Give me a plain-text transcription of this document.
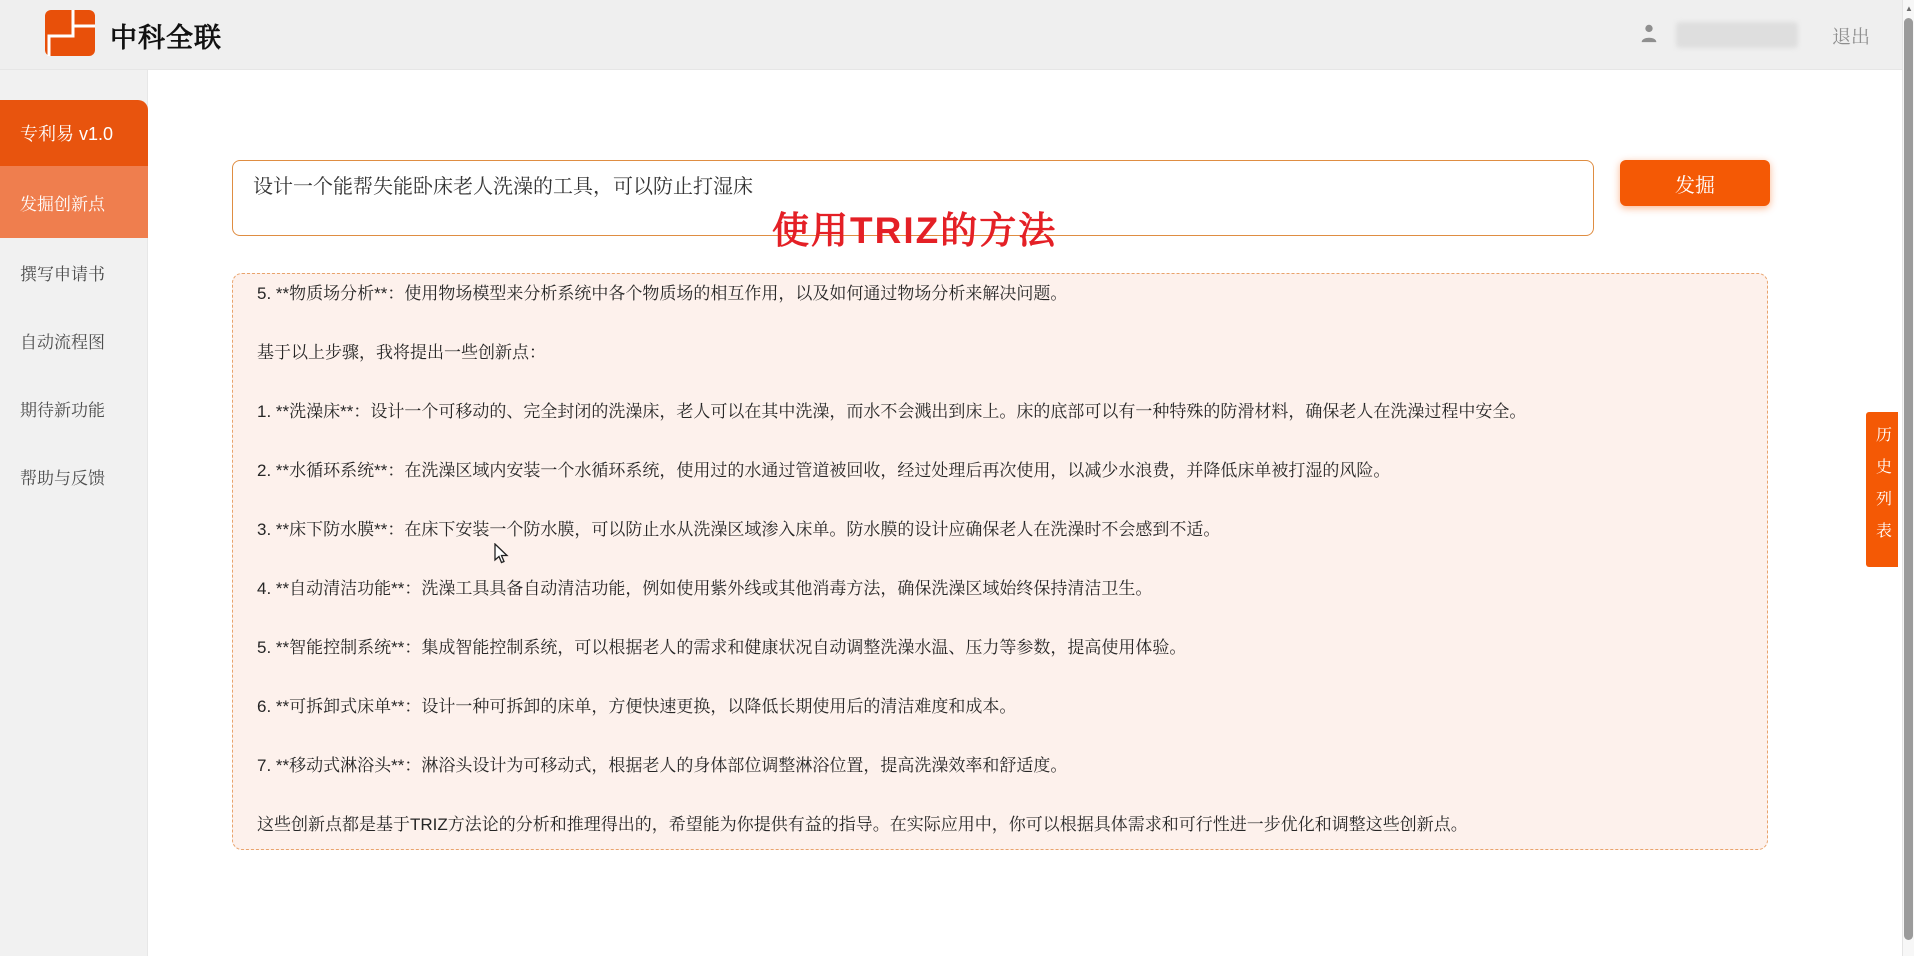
中科全联	退出
专利易 v1.0
发掘创新点
撰写申请书
自动流程图
期待新功能
帮助与反馈
设计一个能帮失能卧床老人洗澡的工具，可以防止打湿床
使用TRIZ的方法
发掘

5. **物质场分析**：使用物场模型来分析系统中各个物质场的相互作用，以及如何通过物场分析来解决问题。

基于以上步骤，我将提出一些创新点：

1. **洗澡床**：设计一个可移动的、完全封闭的洗澡床，老人可以在其中洗澡，而水不会溅出到床上。床的底部可以有一种特殊的防滑材料，确保老人在洗澡过程中安全。

2. **水循环系统**：在洗澡区域内安装一个水循环系统，使用过的水通过管道被回收，经过处理后再次使用，以减少水浪费，并降低床单被打湿的风险。

3. **床下防水膜**：在床下安装一个防水膜，可以防止水从洗澡区域渗入床单。防水膜的设计应确保老人在洗澡时不会感到不适。

4. **自动清洁功能**：洗澡工具具备自动清洁功能，例如使用紫外线或其他消毒方法，确保洗澡区域始终保持清洁卫生。

5. **智能控制系统**：集成智能控制系统，可以根据老人的需求和健康状况自动调整洗澡水温、压力等参数，提高使用体验。

6. **可拆卸式床单**：设计一种可拆卸的床单，方便快速更换，以降低长期使用后的清洁难度和成本。

7. **移动式淋浴头**：淋浴头设计为可移动式，根据老人的身体部位调整淋浴位置，提高洗澡效率和舒适度。

这些创新点都是基于TRIZ方法论的分析和推理得出的，希望能为你提供有益的指导。在实际应用中，你可以根据具体需求和可行性进一步优化和调整这些创新点。

历史列表
▲
